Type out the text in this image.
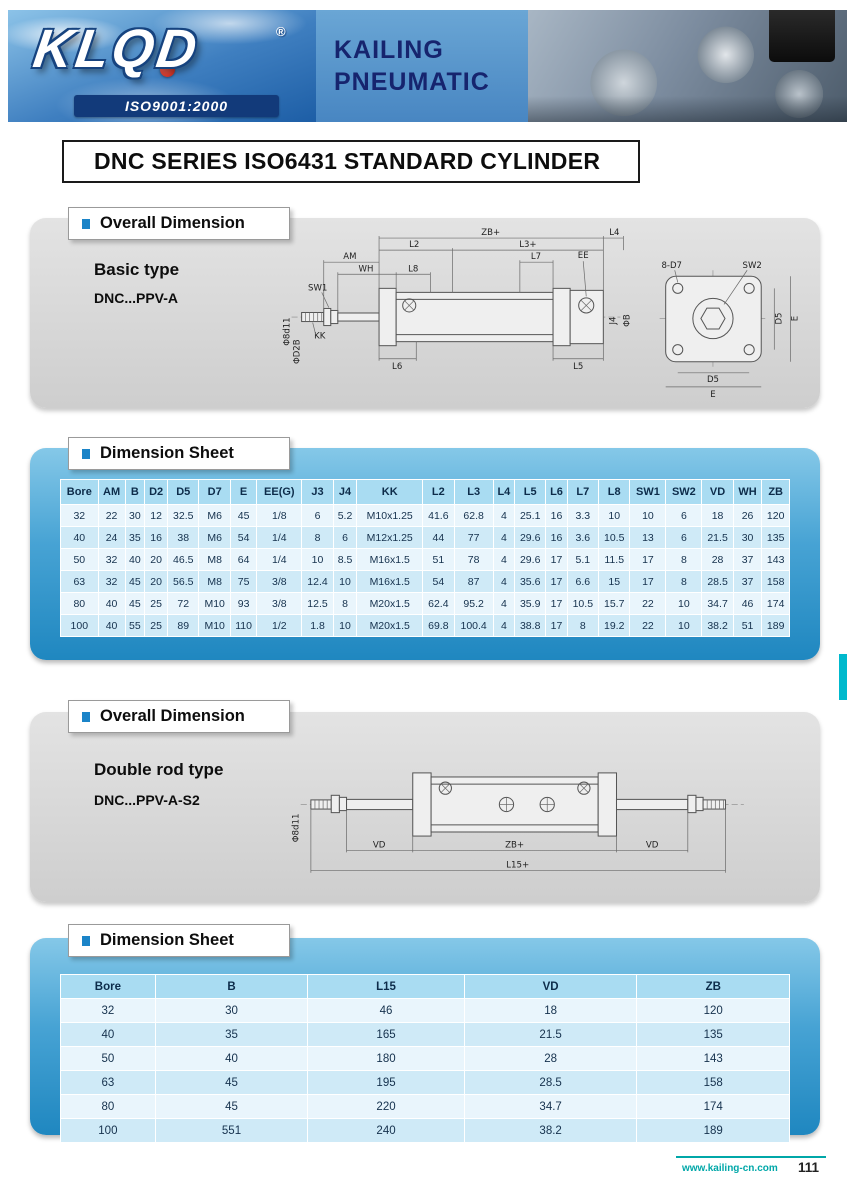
KLQD	®
ISO9001:2000
KAILING
PNEUMATIC
DNC SERIES ISO6431 STANDARD CYLINDER
Overall Dimension
Basic type
DNC...PPV-A
ZB+	L4
L2	L3+
AM	L7	EE
WH	L8
SW1
Φ8d11
ΦD2B
KK
J4 ΦB
L6	L5
8-D7	SW2
D5 E
D5
E
Dimension Sheet
Bore	AM	B	D2	D5	D7	E	EE(G)	J3	J4	KK	L2	L3	L4	L5	L6	L7	L8	SW1	SW2	VD	WH	ZB
32	22	30	12	32.5	M6	45	1/8	6	5.2	M10x1.25	41.6	62.8	4	25.1	16	3.3	10	10	6	18	26	120
40	24	35	16	38	M6	54	1/4	8	6	M12x1.25	44	77	4	29.6	16	3.6	10.5	13	6	21.5	30	135
50	32	40	20	46.5	M8	64	1/4	10	8.5	M16x1.5	51	78	4	29.6	17	5.1	11.5	17	8	28	37	143
63	32	45	20	56.5	M8	75	3/8	12.4	10	M16x1.5	54	87	4	35.6	17	6.6	15	17	8	28.5	37	158
80	40	45	25	72	M10	93	3/8	12.5	8	M20x1.5	62.4	95.2	4	35.9	17	10.5	15.7	22	10	34.7	46	174
100	40	55	25	89	M10	110	1/2	1.8	10	M20x1.5	69.8	100.4	4	38.8	17	8	19.2	22	10	38.2	51	189
Overall Dimension
Double rod type
DNC...PPV-A-S2
Φ8d11
VD	ZB+	VD
L15+
Dimension Sheet
Bore	B	L15	VD	ZB
32	30	46	18	120
40	35	165	21.5	135
50	40	180	28	143
63	45	195	28.5	158
80	45	220	34.7	174
100	551	240	38.2	189
www.kailing-cn.com 111
